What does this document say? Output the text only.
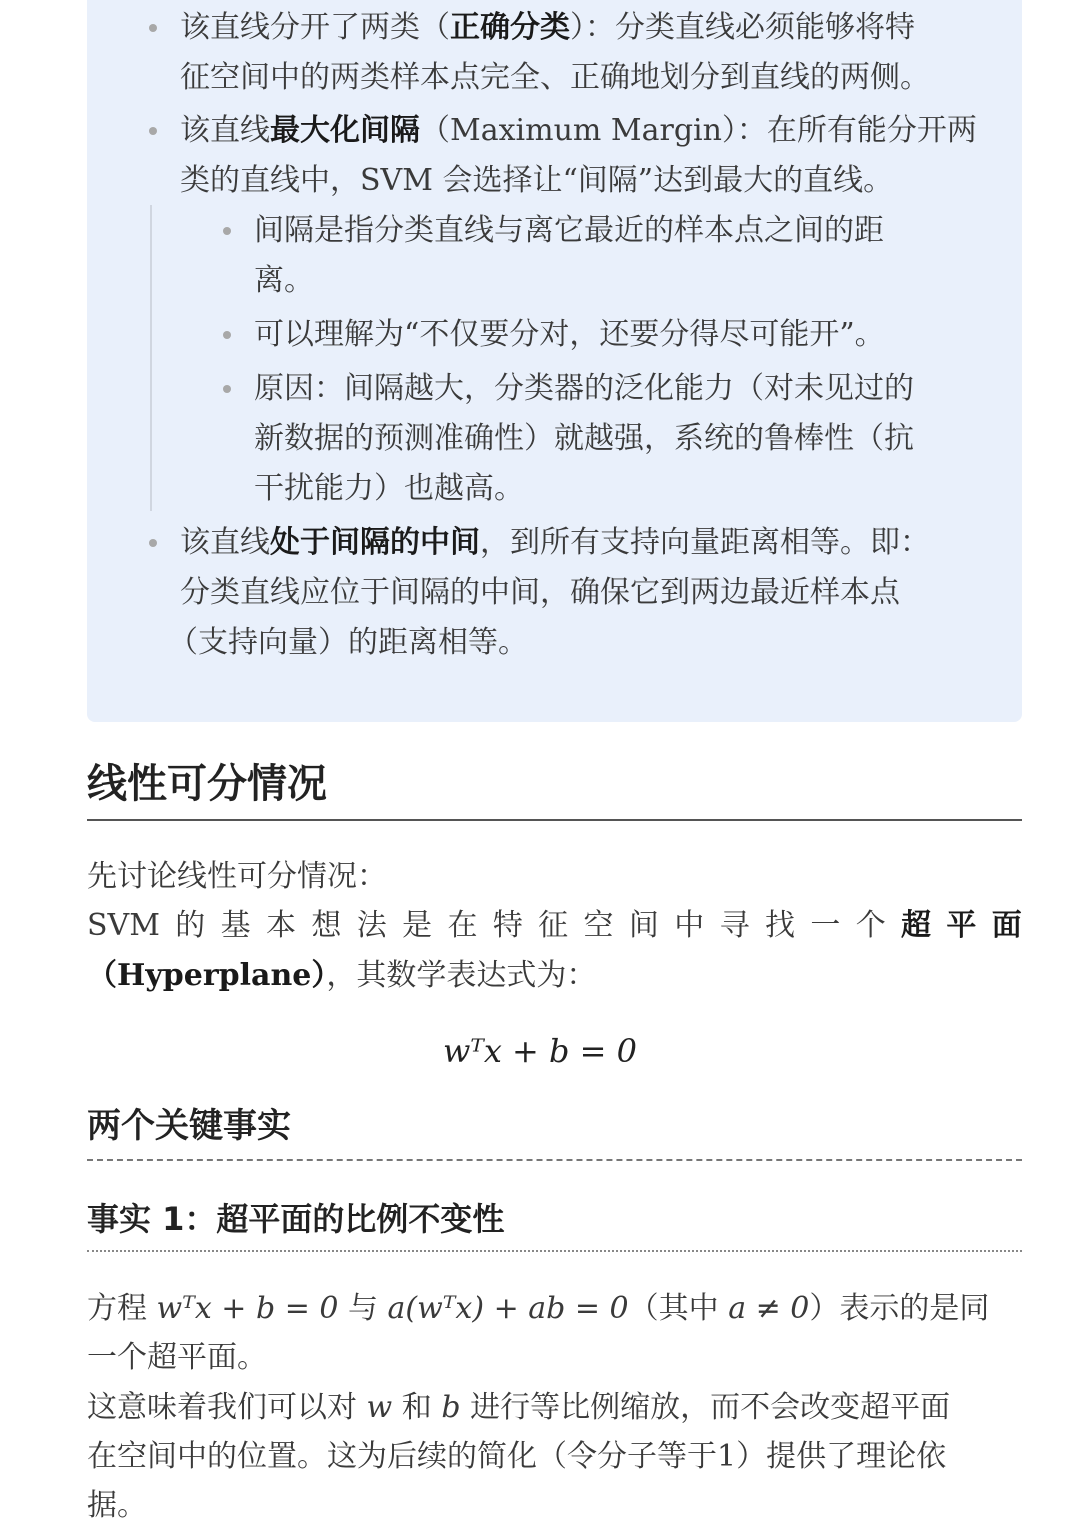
该直线分开了两类（正确分类）：分类直线必须能够将特
征空间中的两类样本点完全、正确地划分到直线的两侧。
该直线最大化间隔（Maximum Margin）：在所有能分开两
类的直线中，SVM 会选择让“间隔”达到最大的直线。
间隔是指分类直线与离它最近的样本点之间的距
离。
可以理解为“不仅要分对，还要分得尽可能开”。
原因：间隔越大，分类器的泛化能力（对未见过的
新数据的预测准确性）就越强，系统的鲁棒性（抗
干扰能力）也越高。
该直线处于间隔的中间，到所有支持向量距离相等。即：
分类直线应位于间隔的中间，确保它到两边最近样本点
（支持向量）的距离相等。
线性可分情况
先讨论线性可分情况：
SVM 的 基 本 想 法 是 在 特 征 空 间 中 寻 找 一 个 超 平 面
（Hyperplane），其数学表达式为：
wᵀx + b = 0
两个关键事实
事实 1：超平面的比例不变性
方程 wᵀx + b = 0 与 a(wᵀx) + ab = 0（其中 a ≠ 0）表示的是同
一个超平面。
这意味着我们可以对 w 和 b 进行等比例缩放，而不会改变超平面
在空间中的位置。这为后续的简化（令分子等于1）提供了理论依
据。
